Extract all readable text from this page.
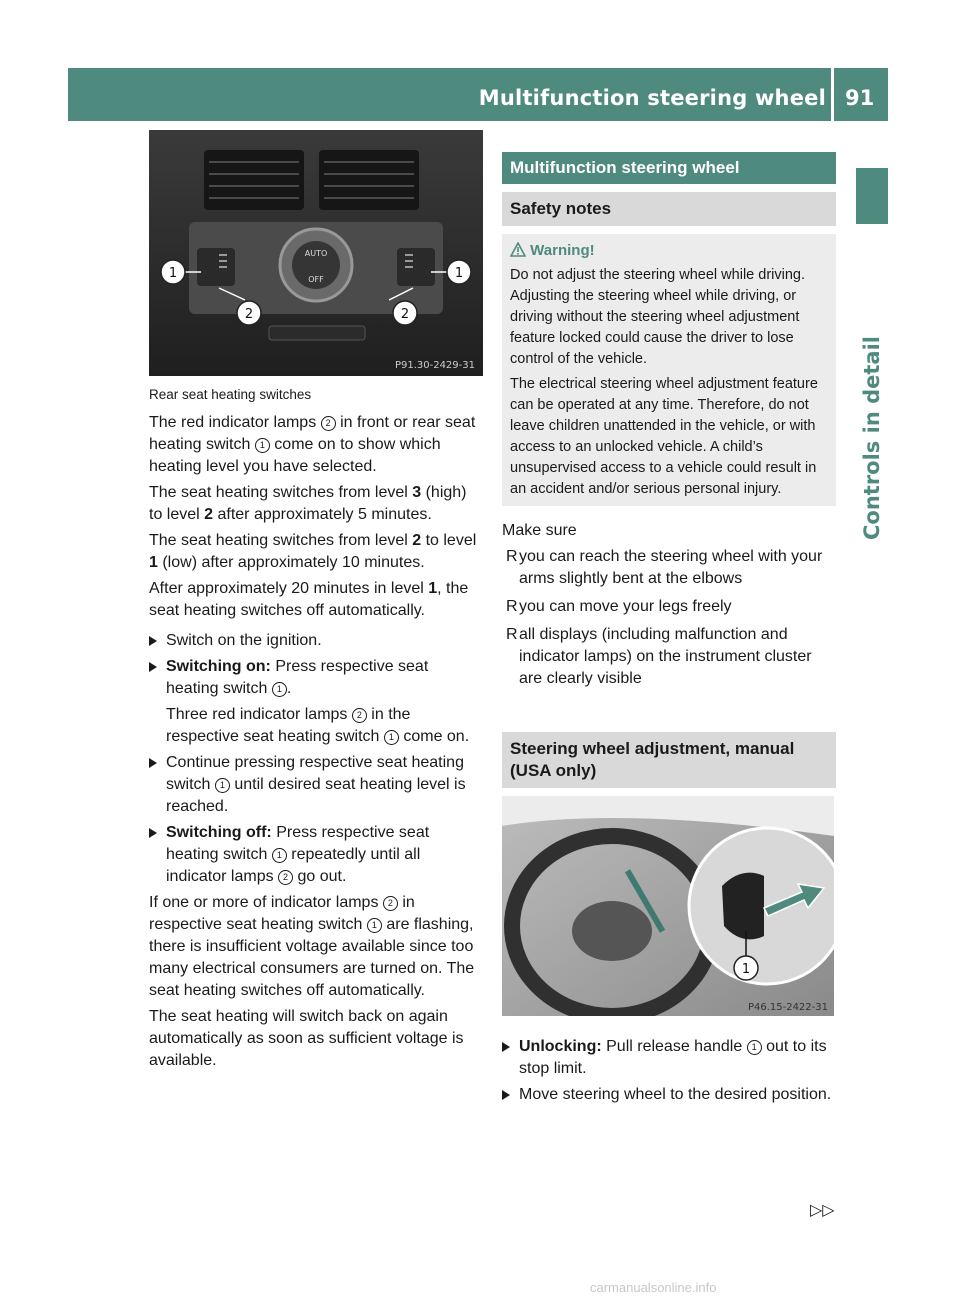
Multifunction steering wheel 91
Controls in detail
AUTO
OFF
1
2	2
1
P91.30-2429-31
Rear seat heating switches

The red indicator lamps 2 in front or rear seat heating switch 1 come on to show which heating level you have selected.

The seat heating switches from level 3 (high) to level 2 after approximately 5 minutes.

The seat heating switches from level 2 to level 1 (low) after approximately 10 minutes.

After approximately 20 minutes in level 1, the seat heating switches off automatically.

Switch on the ignition.
Switching on: Press respective seat heating switch 1 .
Three red indicator lamps 2 in the respective seat heating switch 1 come on.
Continue pressing respective seat heating switch 1 until desired seat heating level is reached.
Switching off: Press respective seat heating switch 1 repeatedly until all indicator lamps 2 go out.

If one or more of indicator lamps 2 in respective seat heating switch 1 are flashing, there is insufficient voltage available since too many electrical consumers are turned on. The seat heating switches off automatically.

The seat heating will switch back on again automatically as soon as sufficient voltage is available.

Multifunction steering wheel
Safety notes
Warning!

Do not adjust the steering wheel while driving. Adjusting the steering wheel while driving, or driving without the steering wheel adjustment feature locked could cause the driver to lose control of the vehicle.

The electrical steering wheel adjustment feature can be operated at any time. Therefore, do not leave children unattended in the vehicle, or with access to an unlocked vehicle. A child’s unsupervised access to a vehicle could result in an accident and/or serious personal injury.

Make sure

R you can reach the steering wheel with your arms slightly bent at the elbows
R you can move your legs freely
R all displays (including malfunction and indicator lamps) on the instrument cluster are clearly visible
Steering wheel adjustment, manual (USA only)
1
P46.15-2422-31
Unlocking: Pull release handle 1 out to its stop limit.
Move steering wheel to the desired position.
▷▷
carmanualsonline.info
